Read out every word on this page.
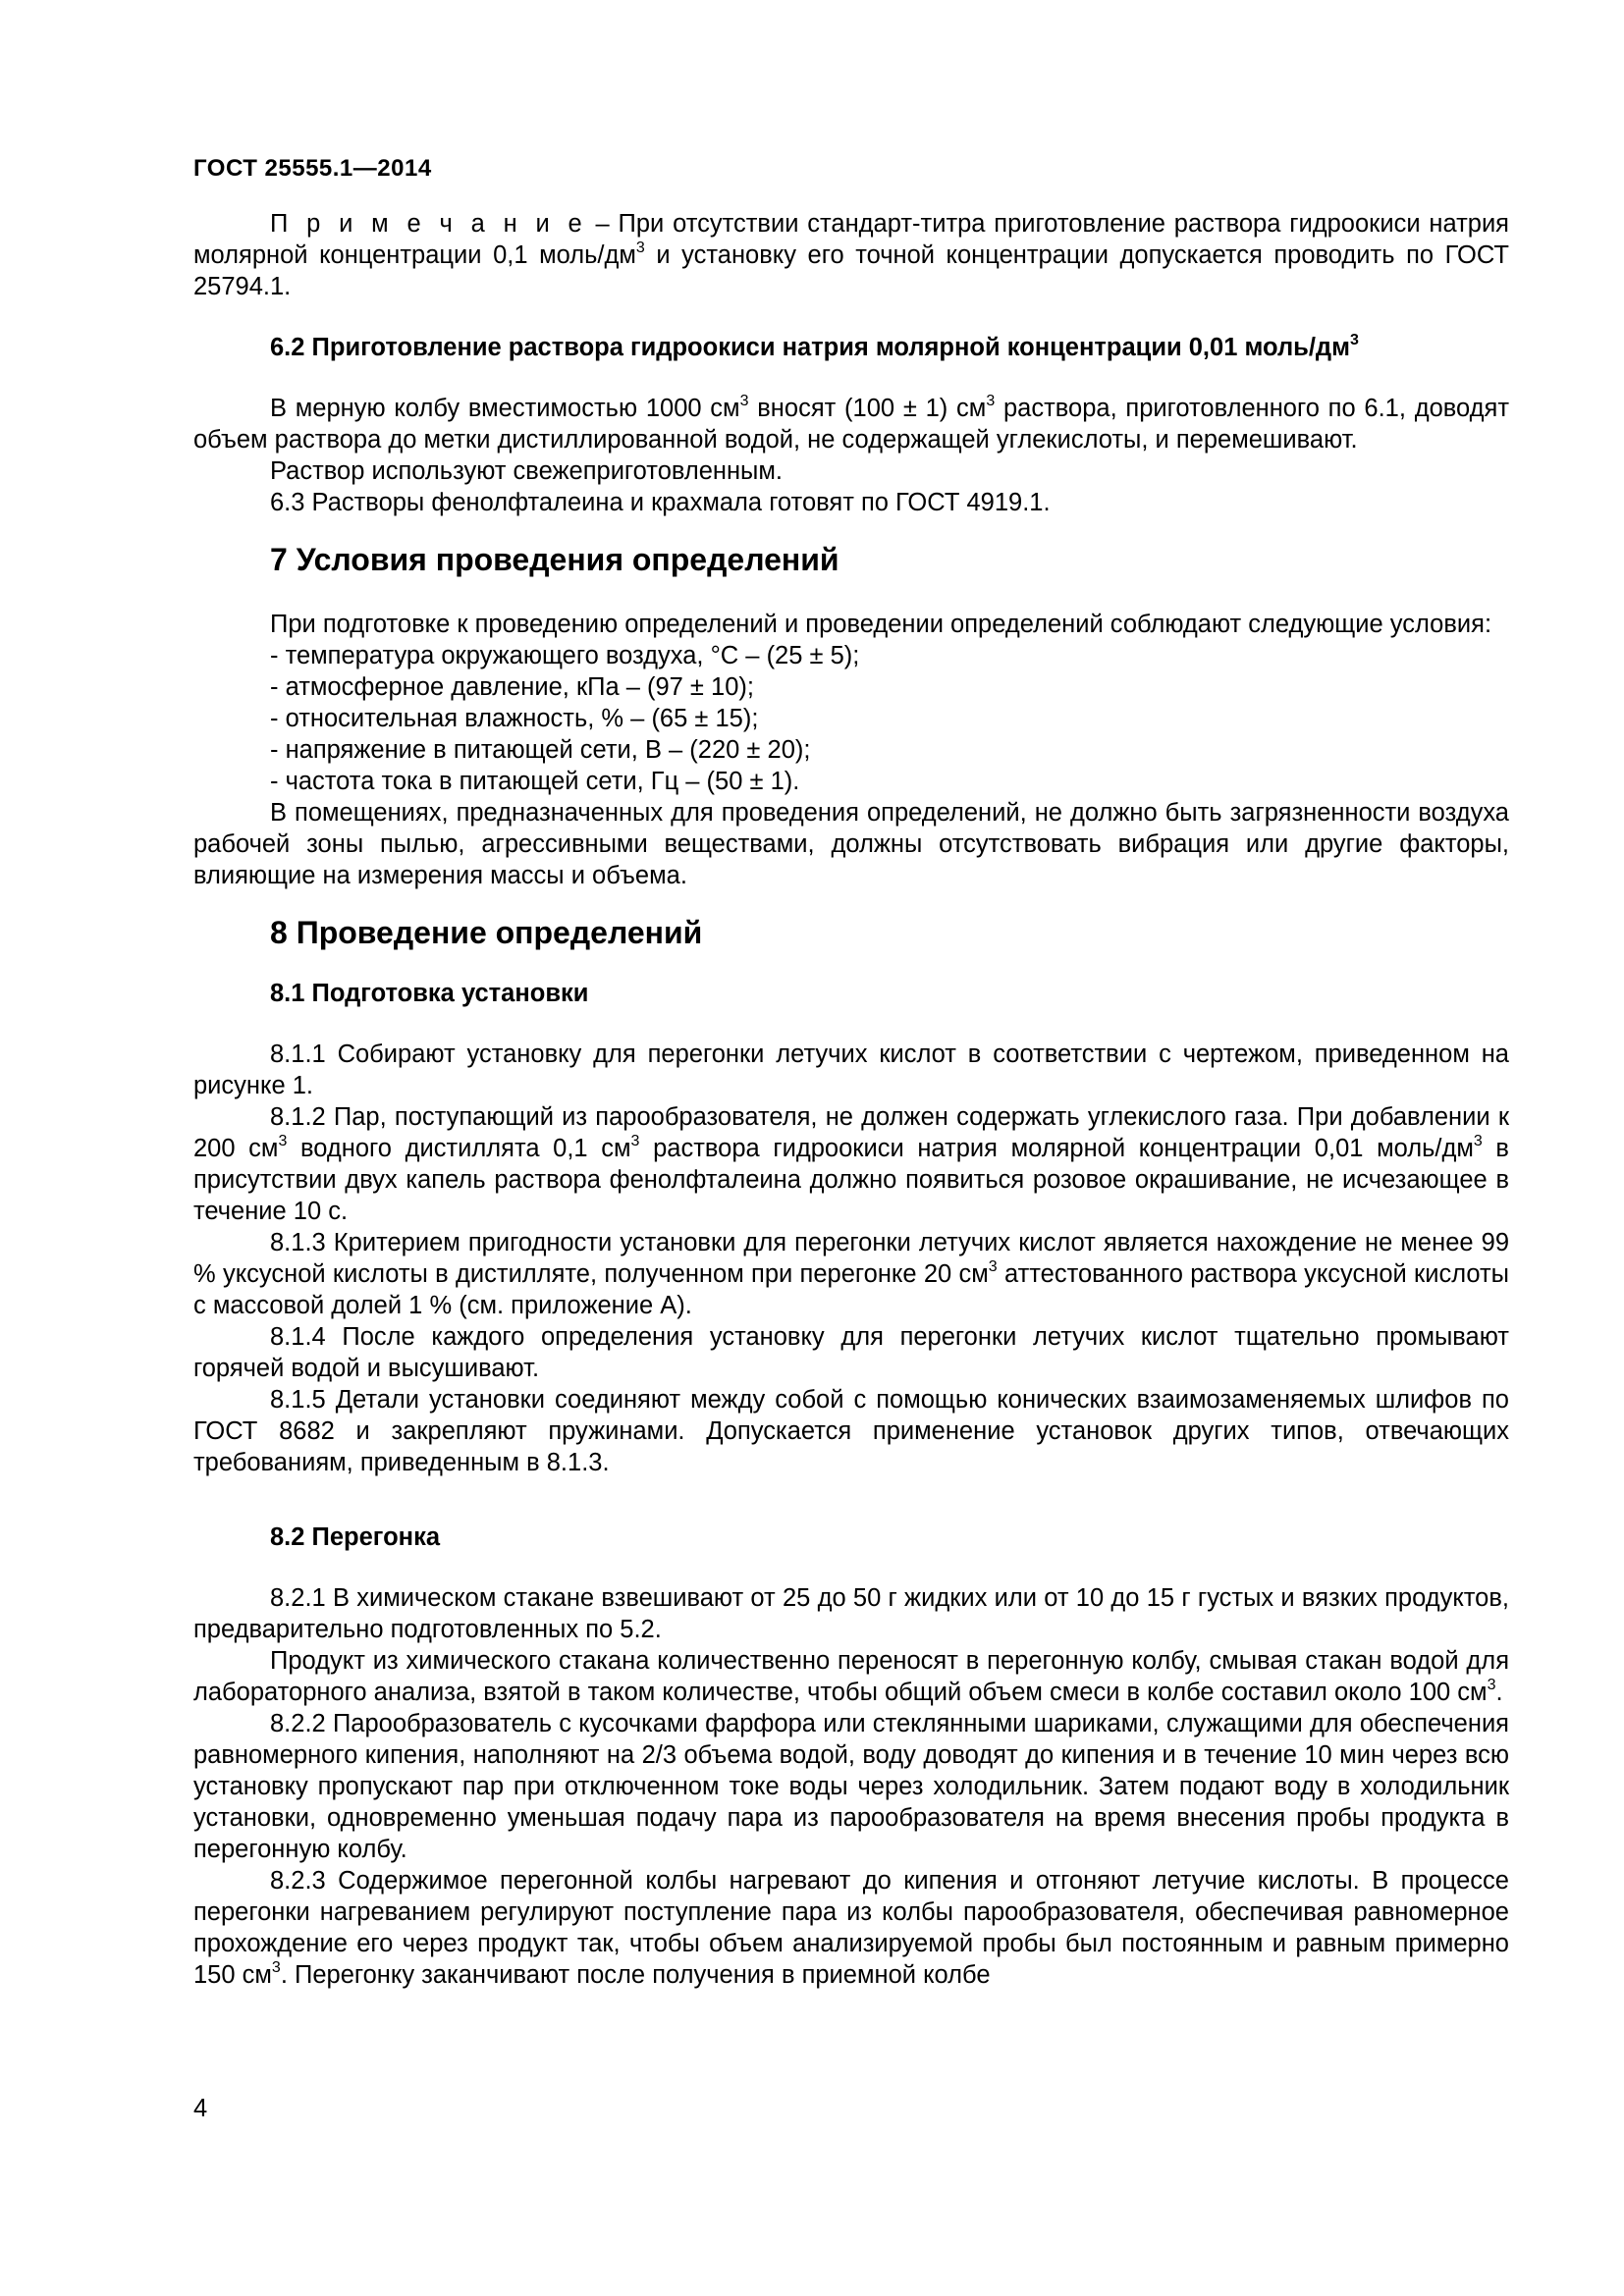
ГОСТ 25555.1—2014

П р и м е ч а н и е – При отсутствии стандарт-титра приготовление раствора гидроокиси натрия молярной концентрации 0,1 моль/$дм^3$ и установку его точной концентрации допускается проводить по ГОСТ 25794.1.

6.2 Приготовление раствора гидроокиси натрия молярной концентрации 0,01 моль/$дм^3$

В мерную колбу вместимостью 1000 $см^3$ вносят (100 ± 1) $см^3$ раствора, приготовленного по 6.1, доводят объем раствора до метки дистиллированной водой, не содержащей углекислоты, и перемешивают.

Раствор используют свежеприготовленным.

6.3 Растворы фенолфталеина и крахмала готовят по ГОСТ 4919.1.

7 Условия проведения определений

При подготовке к проведению определений и проведении определений соблюдают следующие условия:

- температура окружающего воздуха, °С – (25 ± 5);

- атмосферное давление, кПа – (97 ± 10);

- относительная влажность, % – (65 ± 15);

- напряжение в питающей сети, В – (220 ± 20);

- частота тока в питающей сети, Гц – (50 ± 1).

В помещениях, предназначенных для проведения определений, не должно быть загрязненности воздуха рабочей зоны пылью, агрессивными веществами, должны отсутствовать вибрация или другие факторы, влияющие на измерения массы и объема.

8 Проведение определений
8.1 Подготовка установки

8.1.1 Собирают установку для перегонки летучих кислот в соответствии с чертежом, приведенном на рисунке 1.

8.1.2 Пар, поступающий из парообразователя, не должен содержать углекислого газа. При добавлении к 200 $см^3$ водного дистиллята 0,1 $см^3$ раствора гидроокиси натрия молярной концентрации 0,01 моль/$дм^3$ в присутствии двух капель раствора фенолфталеина должно появиться розовое окрашивание, не исчезающее в течение 10 с.

8.1.3 Критерием пригодности установки для перегонки летучих кислот является нахождение не менее 99 % уксусной кислоты в дистилляте, полученном при перегонке 20 $см^3$ аттестованного раствора уксусной кислоты с массовой долей 1 % (см. приложение А).

8.1.4 После каждого определения установку для перегонки летучих кислот тщательно промывают горячей водой и высушивают.

8.1.5 Детали установки соединяют между собой с помощью конических взаимозаменяемых шлифов по ГОСТ 8682 и закрепляют пружинами. Допускается применение установок других типов, отвечающих требованиям, приведенным в 8.1.3.

8.2 Перегонка

8.2.1 В химическом стакане взвешивают от 25 до 50 г жидких или от 10 до 15 г густых и вязких продуктов, предварительно подготовленных по 5.2.

Продукт из химического стакана количественно переносят в перегонную колбу, смывая стакан водой для лабораторного анализа, взятой в таком количестве, чтобы общий объем смеси в колбе составил около 100 $см^3$.

8.2.2 Парообразователь с кусочками фарфора или стеклянными шариками, служащими для обеспечения равномерного кипения, наполняют на 2/3 объема водой, воду доводят до кипения и в течение 10 мин через всю установку пропускают пар при отключенном токе воды через холодильник. Затем подают воду в холодильник установки, одновременно уменьшая подачу пара из парообразователя на время внесения пробы продукта в перегонную колбу.

8.2.3 Содержимое перегонной колбы нагревают до кипения и отгоняют летучие кислоты. В процессе перегонки нагреванием регулируют поступление пара из колбы парообразователя, обеспечивая равномерное прохождение его через продукт так, чтобы объем анализируемой пробы был постоянным и равным примерно 150 $см^3$. Перегонку заканчивают после получения в приемной колбе

4
